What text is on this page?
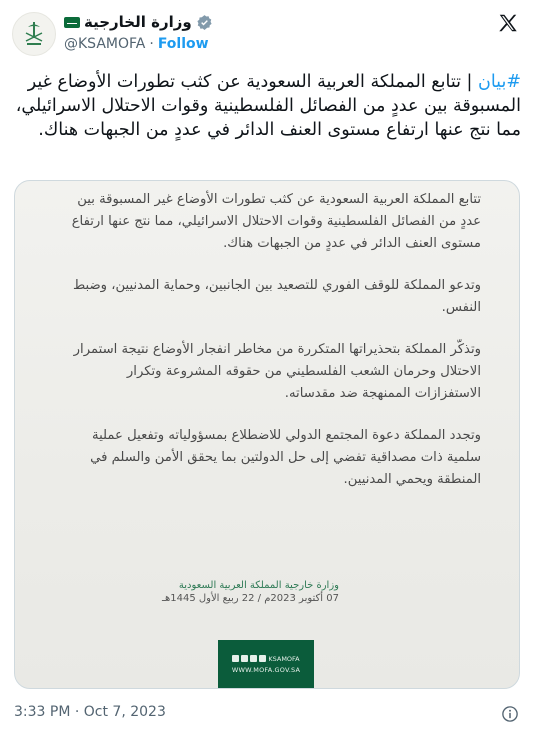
وزارة الخارجية
@KSAMOFA · Follow

#بيان | تتابع المملكة العربية السعودية عن كثب تطورات الأوضاع غير المسبوقة بين عددٍ من الفصائل الفلسطينية وقوات الاحتلال الاسرائيلي، مما نتج عنها ارتفاع مستوى العنف الدائر في عددٍ من الجبهات هناك.

تتابع المملكة العربية السعودية عن كثب تطورات الأوضاع غير المسبوقة بين عددٍ من الفصائل الفلسطينية وقوات الاحتلال الاسرائيلي، مما نتج عنها ارتفاع مستوى العنف الدائر في عددٍ من الجبهات هناك.

وتدعو المملكة للوقف الفوري للتصعيد بين الجانبين، وحماية المدنيين، وضبط النفس.

وتذكّر المملكة بتحذيراتها المتكررة من مخاطر انفجار الأوضاع نتيجة استمرار الاحتلال وحرمان الشعب الفلسطيني من حقوقه المشروعة وتكرار الاستفزازات الممنهجة ضد مقدساته.

وتجدد المملكة دعوة المجتمع الدولي للاضطلاع بمسؤولياته وتفعيل عملية سلمية ذات مصداقية تفضي إلى حل الدولتين بما يحقق الأمن والسلم في المنطقة ويحمي المدنيين.

وزارة خارجية المملكة العربية السعودية
07 أكتوبر 2023م / 22 ربيع الأول 1445هـ
KSAMOFA
WWW.MOFA.GOV.SA
3:33 PM · Oct 7, 2023
